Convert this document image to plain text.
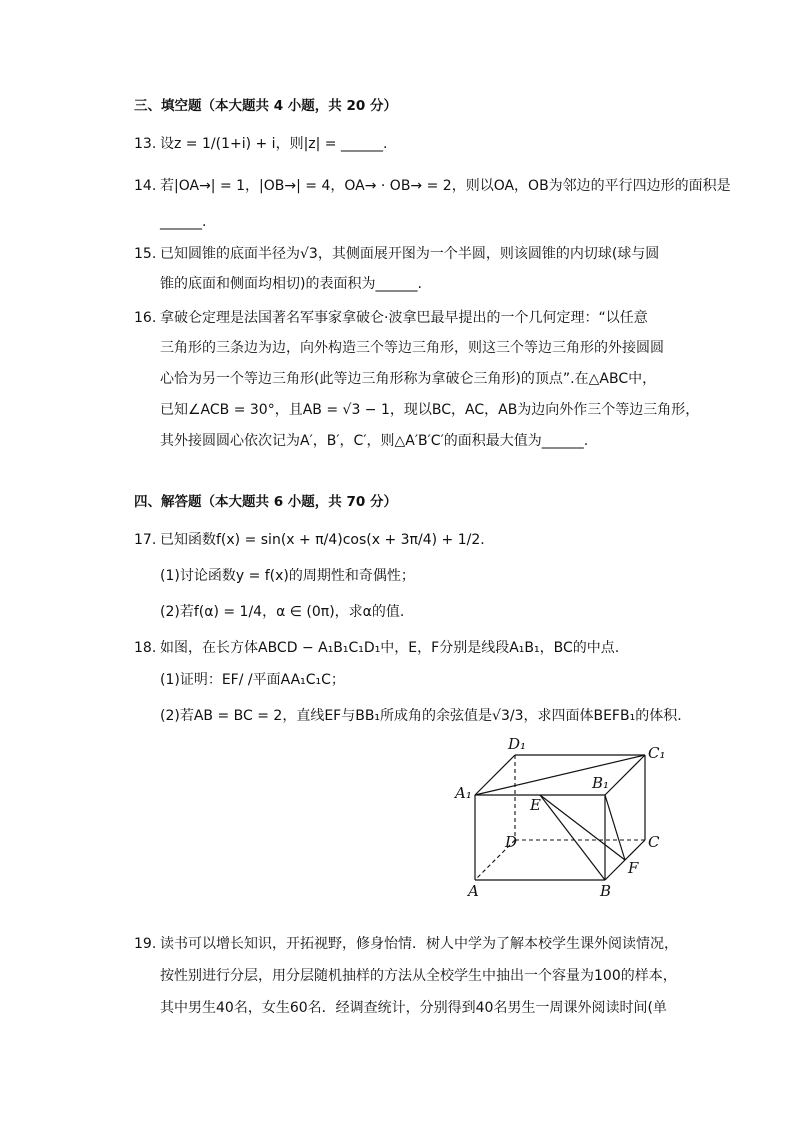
三、填空题（本大题共 4 小题，共 20 分）
13. 设z = 1/(1+i) + i，则|z| = ______.
14. 若|OA→| = 1，|OB→| = 4，OA→ · OB→ = 2，则以OA，OB为邻边的平行四边形的面积是
______.
15. 已知圆锥的底面半径为√3，其侧面展开图为一个半圆，则该圆锥的内切球(球与圆
锥的底面和侧面均相切)的表面积为______.
16. 拿破仑定理是法国著名军事家拿破仑·波拿巴最早提出的一个几何定理：“以任意
三角形的三条边为边，向外构造三个等边三角形，则这三个等边三角形的外接圆圆
心恰为另一个等边三角形(此等边三角形称为拿破仑三角形)的顶点”.在△ABC中，
已知∠ACB = 30°，且AB = √3 − 1，现以BC，AC，AB为边向外作三个等边三角形，
其外接圆圆心依次记为A′，B′，C′，则△A′B′C′的面积最大值为______.
四、解答题（本大题共 6 小题，共 70 分）
17. 已知函数f(x) = sin(x + π/4)cos(x + 3π/4) + 1/2.
(1)讨论函数y = f(x)的周期性和奇偶性；
(2)若f(α) = 1/4，α ∈ (0π)，求α的值.
18. 如图，在长方体ABCD − A₁B₁C₁D₁中，E，F分别是线段A₁B₁，BC的中点.
(1)证明：EF/ /平面AA₁C₁C；
(2)若AB = BC = 2，直线EF与BB₁所成角的余弦值是√3/3，求四面体BEFB₁的体积.
D₁	C₁
B₁
A₁
E
D	C
F
A	B
19. 读书可以增长知识，开拓视野，修身怡情．树人中学为了解本校学生课外阅读情况，
按性别进行分层，用分层随机抽样的方法从全校学生中抽出一个容量为100的样本，
其中男生40名，女生60名．经调查统计，分别得到40名男生一周课外阅读时间(单
